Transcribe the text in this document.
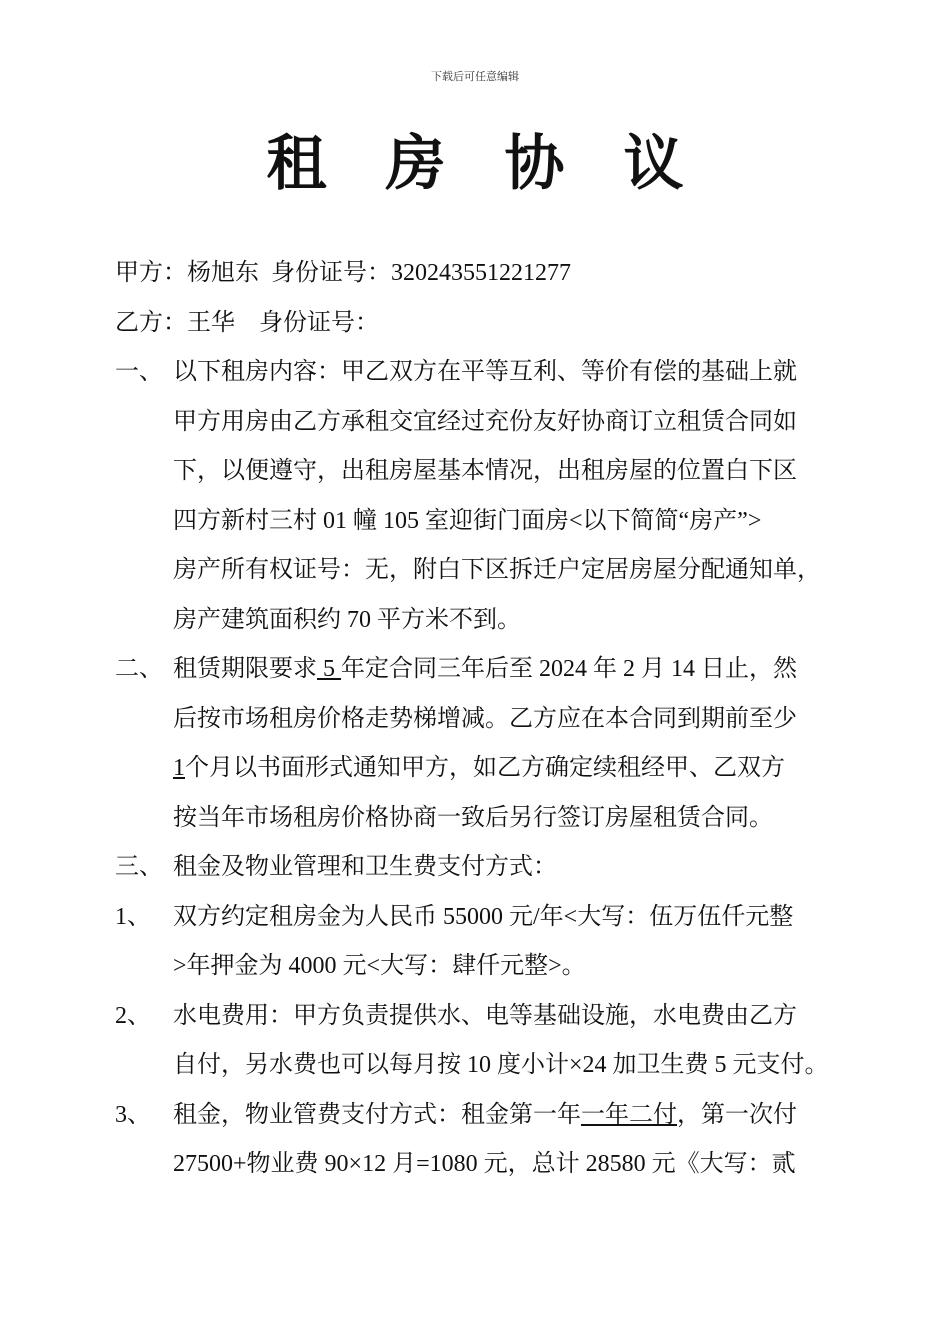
下载后可任意编辑
租 房 协 议
甲方：杨旭东 身份证号：320243551221277
乙方：王华 身份证号：
一、 以下租房内容：甲乙双方在平等互利、等价有偿的基础上就
甲方用房由乙方承租交宜经过充份友好协商订立租赁合同如
下，以便遵守，出租房屋基本情况，出租房屋的位置白下区
四方新村三村 01 幢 105 室迎街门面房<以下简简“房产”>
房产所有权证号：无，附白下区拆迁户定居房屋分配通知单，
房产建筑面积约 70 平方米不到。
二、 租赁期限要求 5 年定合同三年后至 2024 年 2 月 14 日止，然
后按市场租房价格走势梯增减。乙方应在本合同到期前至少
1个月以书面形式通知甲方，如乙方确定续租经甲、乙双方
按当年市场租房价格协商一致后另行签订房屋租赁合同。
三、 租金及物业管理和卫生费支付方式：
1、 双方约定租房金为人民币 55000 元/年<大写：伍万伍仟元整
>年押金为 4000 元<大写：肆仟元整>。
2、 水电费用：甲方负责提供水、电等基础设施，水电费由乙方
自付，另水费也可以每月按 10 度小计×24 加卫生费 5 元支付。
3、 租金，物业管费支付方式：租金第一年一年二付，第一次付
27500+物业费 90×12 月=1080 元，总计 28580 元《大写：贰
